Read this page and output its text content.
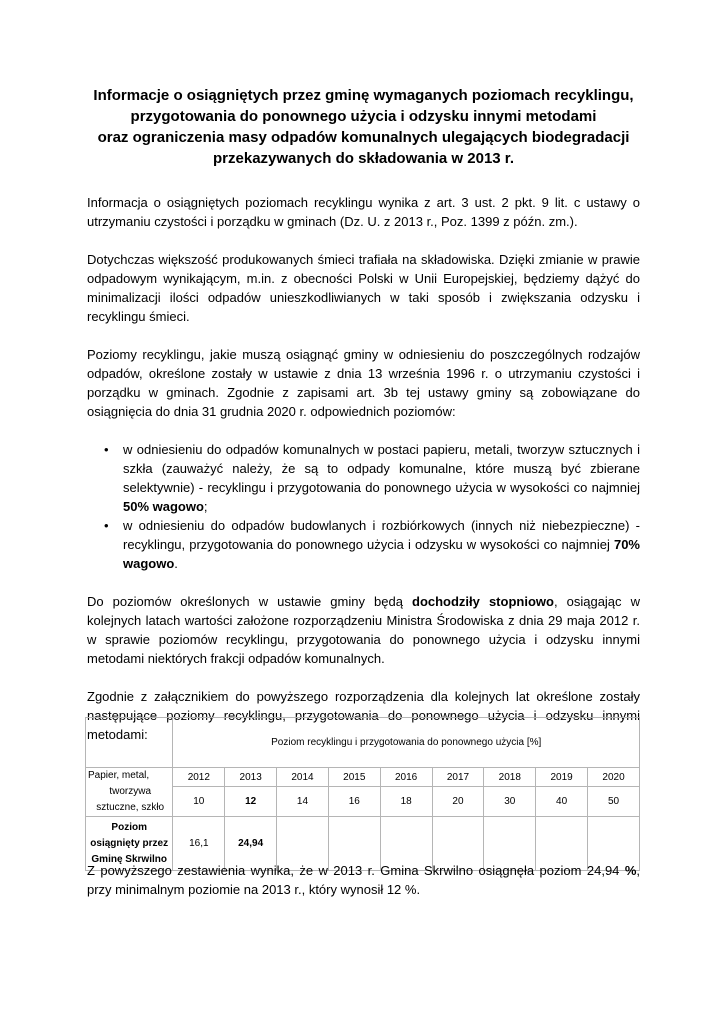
Informacje o osiągniętych przez gminę wymaganych poziomach recyklingu,
przygotowania do ponownego użycia i odzysku innymi metodami
oraz ograniczenia masy odpadów komunalnych ulegających biodegradacji
przekazywanych do składowania w 2013 r.

Informacja o osiągniętych poziomach recyklingu wynika z art. 3 ust. 2 pkt. 9 lit. c ustawy o utrzymaniu czystości i porządku w gminach (Dz. U. z 2013 r., Poz. 1399 z późn. zm.).

Dotychczas większość produkowanych śmieci trafiała na składowiska. Dzięki zmianie w prawie odpadowym wynikającym, m.in. z obecności Polski w Unii Europejskiej, będziemy dążyć do minimalizacji ilości odpadów unieszkodliwianych w taki sposób i zwiększania odzysku i recyklingu śmieci.

Poziomy recyklingu, jakie muszą osiągnąć gminy w odniesieniu do poszczególnych rodzajów odpadów, określone zostały w ustawie z dnia 13 września 1996 r. o utrzymaniu czystości i porządku w gminach. Zgodnie z zapisami art. 3b tej ustawy gminy są zobowiązane do osiągnięcia do dnia 31 grudnia 2020 r. odpowiednich poziomów:

• w odniesieniu do odpadów komunalnych w postaci papieru, metali, tworzyw sztucznych i szkła (zauważyć należy, że są to odpady komunalne, które muszą być zbierane selektywnie) - recyklingu i przygotowania do ponownego użycia w wysokości co najmniej 50% wagowo;
• w odniesieniu do odpadów budowlanych i rozbiórkowych (innych niż niebezpieczne) - recyklingu, przygotowania do ponownego użycia i odzysku w wysokości co najmniej 70% wagowo.

Do poziomów określonych w ustawie gminy będą dochodziły stopniowo, osiągając w kolejnych latach wartości założone rozporządzeniu Ministra Środowiska z dnia 29 maja 2012 r. w sprawie poziomów recyklingu, przygotowania do ponownego użycia i odzysku innymi metodami niektórych frakcji odpadów komunalnych.

Zgodnie z załącznikiem do powyższego rozporządzenia dla kolejnych lat określone zostały następujące poziomy recyklingu, przygotowania do ponownego użycia i odzysku innymi metodami:

	Poziom recyklingu i przygotowania do ponownego użycia [%]								

Papier, metal,
tworzywa
sztuczne, szkło	2012	2013	2014	2015	2016	2017	2018	2019	2020
	10	12	14	16	18	20	30	40	50

Poziom
osiągnięty przez
Gminę Skrwilno	16,1	24,94							

Z powyższego zestawienia wynika, że w 2013 r. Gmina Skrwilno osiągnęła poziom 24,94 %, przy minimalnym poziomie na 2013 r., który wynosił 12 %.
